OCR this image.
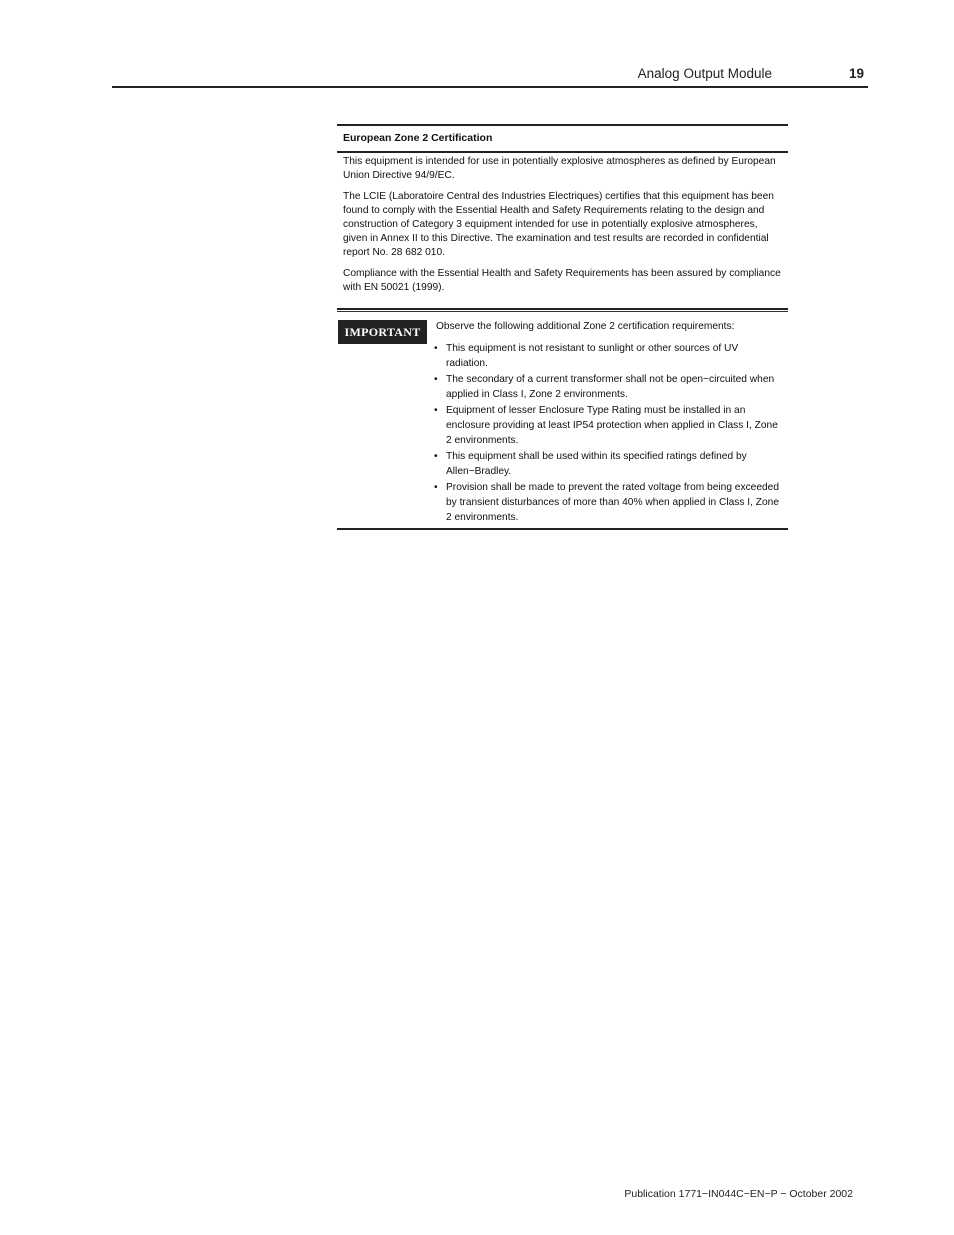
Analog Output Module	19
European Zone 2 Certification

This equipment is intended for use in potentially explosive atmospheres as defined by European Union Directive 94/9/EC.

The LCIE (Laboratoire Central des Industries Electriques) certifies that this equipment has been found to comply with the Essential Health and Safety Requirements relating to the design and construction of Category 3 equipment intended for use in potentially explosive atmospheres, given in Annex II to this Directive. The examination and test results are recorded in confidential report No. 28 682 010.

Compliance with the Essential Health and Safety Requirements has been assured by compliance with EN 50021 (1999).

IMPORTANT	Observe the following additional Zone 2 certification requirements:

• This equipment is not resistant to sunlight or other sources of UV radiation.
• The secondary of a current transformer shall not be open−circuited when applied in Class I, Zone 2 environments.
• Equipment of lesser Enclosure Type Rating must be installed in an enclosure providing at least IP54 protection when applied in Class I, Zone 2 environments.
• This equipment shall be used within its specified ratings defined by Allen−Bradley.
• Provision shall be made to prevent the rated voltage from being exceeded by transient disturbances of more than 40% when applied in Class I, Zone 2 environments.
Publication 1771−IN044C−EN−P − October 2002
